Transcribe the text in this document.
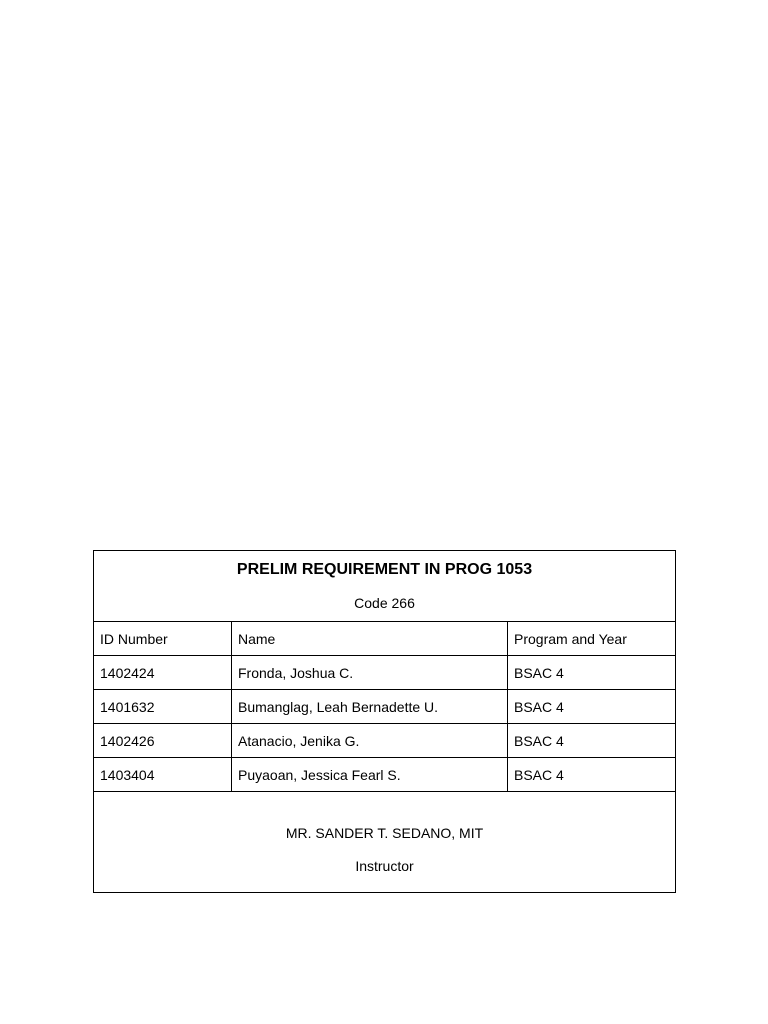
PRELIM REQUIREMENT IN PROG 1053
Code 266		

ID Number	Name	Program and Year
1402424	Fronda, Joshua C.	BSAC 4
1401632	Bumanglag, Leah Bernadette U.	BSAC 4
1402426	Atanacio, Jenika G.	BSAC 4
1403404	Puyaoan, Jessica Fearl S.	BSAC 4

MR. SANDER T. SEDANO, MIT
Instructor		
